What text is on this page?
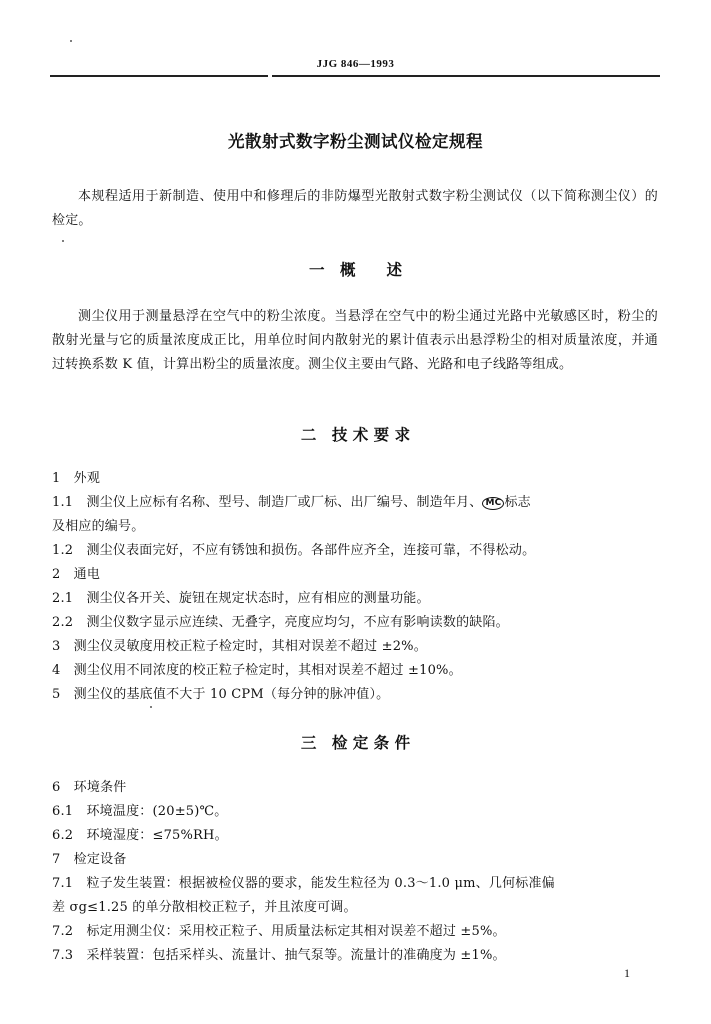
JJG 846—1993
光散射式数字粉尘测试仪检定规程
本规程适用于新制造、使用中和修理后的非防爆型光散射式数字粉尘测试仪（以下简称测尘仪）的检定。
一　概　　述
测尘仪用于测量悬浮在空气中的粉尘浓度。当悬浮在空气中的粉尘通过光路中光敏感区时，粉尘的散射光量与它的质量浓度成正比，用单位时间内散射光的累计值表示出悬浮粉尘的相对质量浓度，并通过转换系数 K 值，计算出粉尘的质量浓度。测尘仪主要由气路、光路和电子线路等组成。
二　技 术 要 求
1　外观
1.1　测尘仪上应标有名称、型号、制造厂或厂标、出厂编号、制造年月、 MC 标志
及相应的编号。
1.2　测尘仪表面完好，不应有锈蚀和损伤。各部件应齐全，连接可靠，不得松动。
2　通电
2.1　测尘仪各开关、旋钮在规定状态时，应有相应的测量功能。
2.2　测尘仪数字显示应连续、无叠字，亮度应均匀，不应有影响读数的缺陷。
3　测尘仪灵敏度用校正粒子检定时，其相对误差不超过 ±2%。
4　测尘仪用不同浓度的校正粒子检定时，其相对误差不超过 ±10%。
5　测尘仪的基底值不大于 10 CPM（每分钟的脉冲值）。
三　检 定 条 件
6　环境条件
6.1　环境温度：(20±5)℃。
6.2　环境湿度：≤75%RH。
7　检定设备
7.1　粒子发生装置：根据被检仪器的要求，能发生粒径为 0.3～1.0 μm、几何标准偏
差 σg≤1.25 的单分散相校正粒子，并且浓度可调。
7.2　标定用测尘仪：采用校正粒子、用质量法标定其相对误差不超过 ±5%。
7.3　采样装置：包括采样头、流量计、抽气泵等。流量计的准确度为 ±1%。
1
